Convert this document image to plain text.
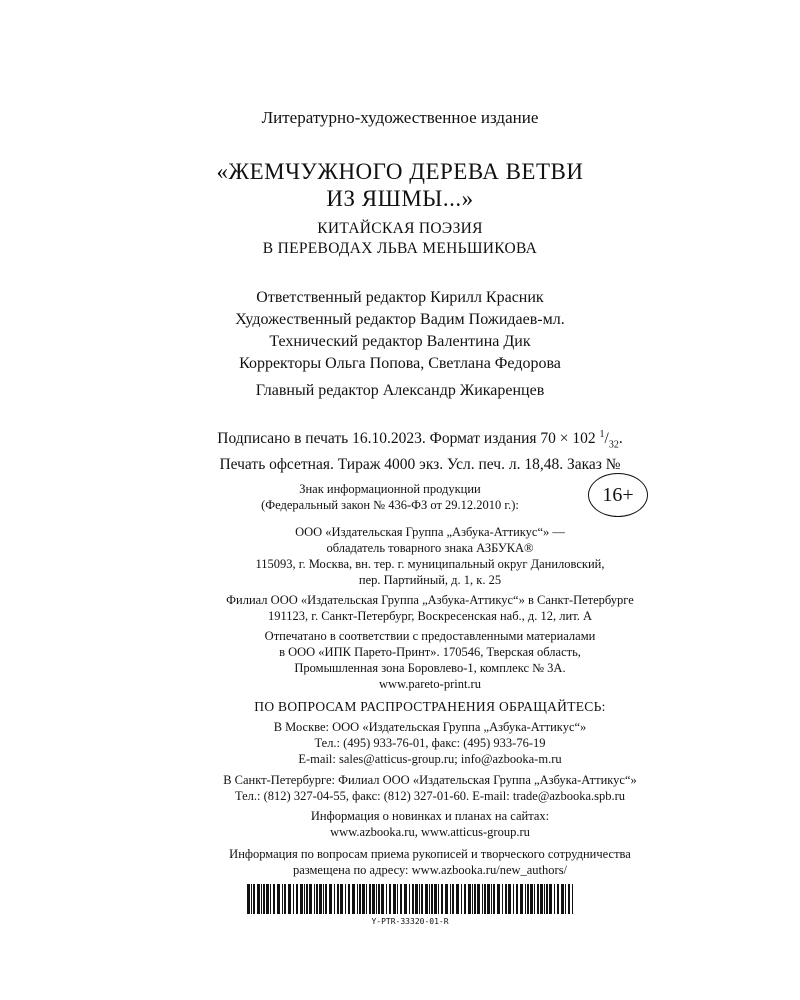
Литературно-художественное издание
«ЖЕМЧУЖНОГО ДЕРЕВА ВЕТВИ
ИЗ ЯШМЫ...»
КИТАЙСКАЯ ПОЭЗИЯ
В ПЕРЕВОДАХ ЛЬВА МЕНЬШИКОВА
Ответственный редактор Кирилл Красник
Художественный редактор Вадим Пожидаев-мл.
Технический редактор Валентина Дик
Корректоры Ольга Попова, Светлана Федорова
Главный редактор Александр Жикаренцев
Подписано в печать 16.10.2023. Формат издания 70 × 102 $^1/_{32}$.
Печать офсетная. Тираж 4000 экз. Усл. печ. л. 18,48. Заказ №
Знак информационной продукции
(Федеральный закон № 436-ФЗ от 29.12.2010 г.):	16+
ООО «Издательская Группа „Азбука-Аттикус“» —
обладатель товарного знака АЗБУКА®
115093, г. Москва, вн. тер. г. муниципальный округ Даниловский,
пер. Партийный, д. 1, к. 25
Филиал ООО «Издательская Группа „Азбука-Аттикус“» в Санкт-Петербурге
191123, г. Санкт-Петербург, Воскресенская наб., д. 12, лит. А
Отпечатано в соответствии с предоставленными материалами
в ООО «ИПК Парето-Принт». 170546, Тверская область,
Промышленная зона Боровлево-1, комплекс № 3А.
www.pareto-print.ru
ПО ВОПРОСАМ РАСПРОСТРАНЕНИЯ ОБРАЩАЙТЕСЬ:
В Москве: ООО «Издательская Группа „Азбука-Аттикус“»
Тел.: (495) 933-76-01, факс: (495) 933-76-19
E-mail: sales@atticus-group.ru; info@azbooka-m.ru
В Санкт-Петербурге: Филиал ООО «Издательская Группа „Азбука-Аттикус“»
Тел.: (812) 327-04-55, факс: (812) 327-01-60. E-mail: trade@azbooka.spb.ru
Информация о новинках и планах на сайтах:
www.azbooka.ru, www.atticus-group.ru
Информация по вопросам приема рукописей и творческого сотрудничества
размещена по адресу: www.azbooka.ru/new_authors/
Y-PTR-33320-01-R
